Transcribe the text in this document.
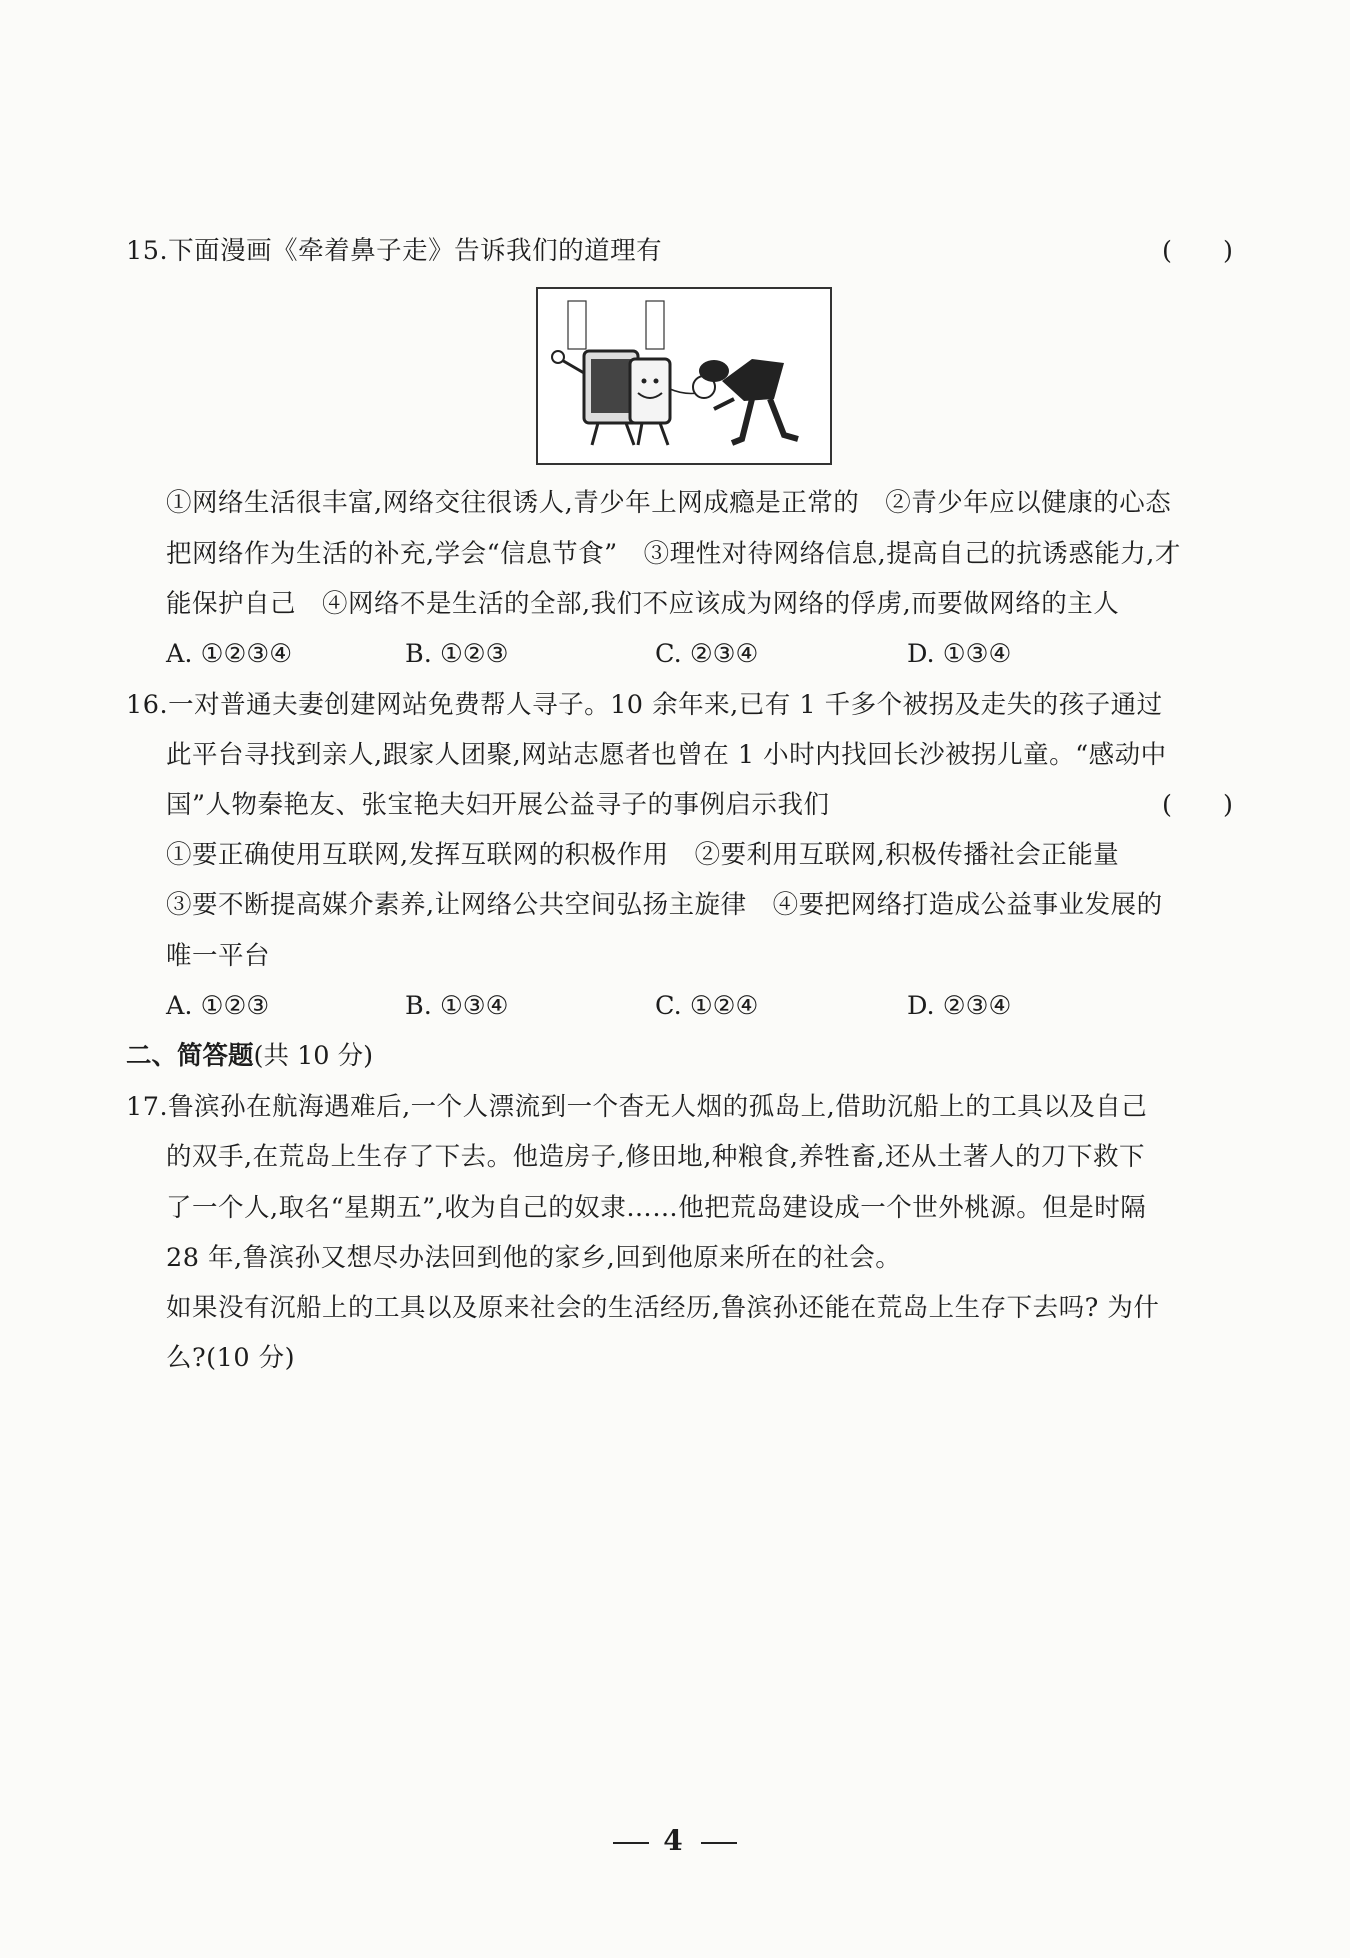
15.下面漫画《牵着鼻子走》告诉我们的道理有	(　　)
①网络生活很丰富,网络交往很诱人,青少年上网成瘾是正常的　②青少年应以健康的心态
把网络作为生活的补充,学会“信息节食”　③理性对待网络信息,提高自己的抗诱惑能力,才
能保护自己　④网络不是生活的全部,我们不应该成为网络的俘虏,而要做网络的主人
A. ①②③④	B. ①②③	C. ②③④	D. ①③④
16.一对普通夫妻创建网站免费帮人寻子。10 余年来,已有 1 千多个被拐及走失的孩子通过
此平台寻找到亲人,跟家人团聚,网站志愿者也曾在 1 小时内找回长沙被拐儿童。“感动中
国”人物秦艳友、张宝艳夫妇开展公益寻子的事例启示我们	(　　)
①要正确使用互联网,发挥互联网的积极作用　②要利用互联网,积极传播社会正能量
③要不断提高媒介素养,让网络公共空间弘扬主旋律　④要把网络打造成公益事业发展的
唯一平台
A. ①②③	B. ①③④	C. ①②④	D. ②③④
二、简答题(共 10 分)
17.鲁滨孙在航海遇难后,一个人漂流到一个杳无人烟的孤岛上,借助沉船上的工具以及自己
的双手,在荒岛上生存了下去。他造房子,修田地,种粮食,养牲畜,还从土著人的刀下救下
了一个人,取名“星期五”,收为自己的奴隶……他把荒岛建设成一个世外桃源。但是时隔
28 年,鲁滨孙又想尽办法回到他的家乡,回到他原来所在的社会。
如果没有沉船上的工具以及原来社会的生活经历,鲁滨孙还能在荒岛上生存下去吗? 为什
么?(10 分)
4
